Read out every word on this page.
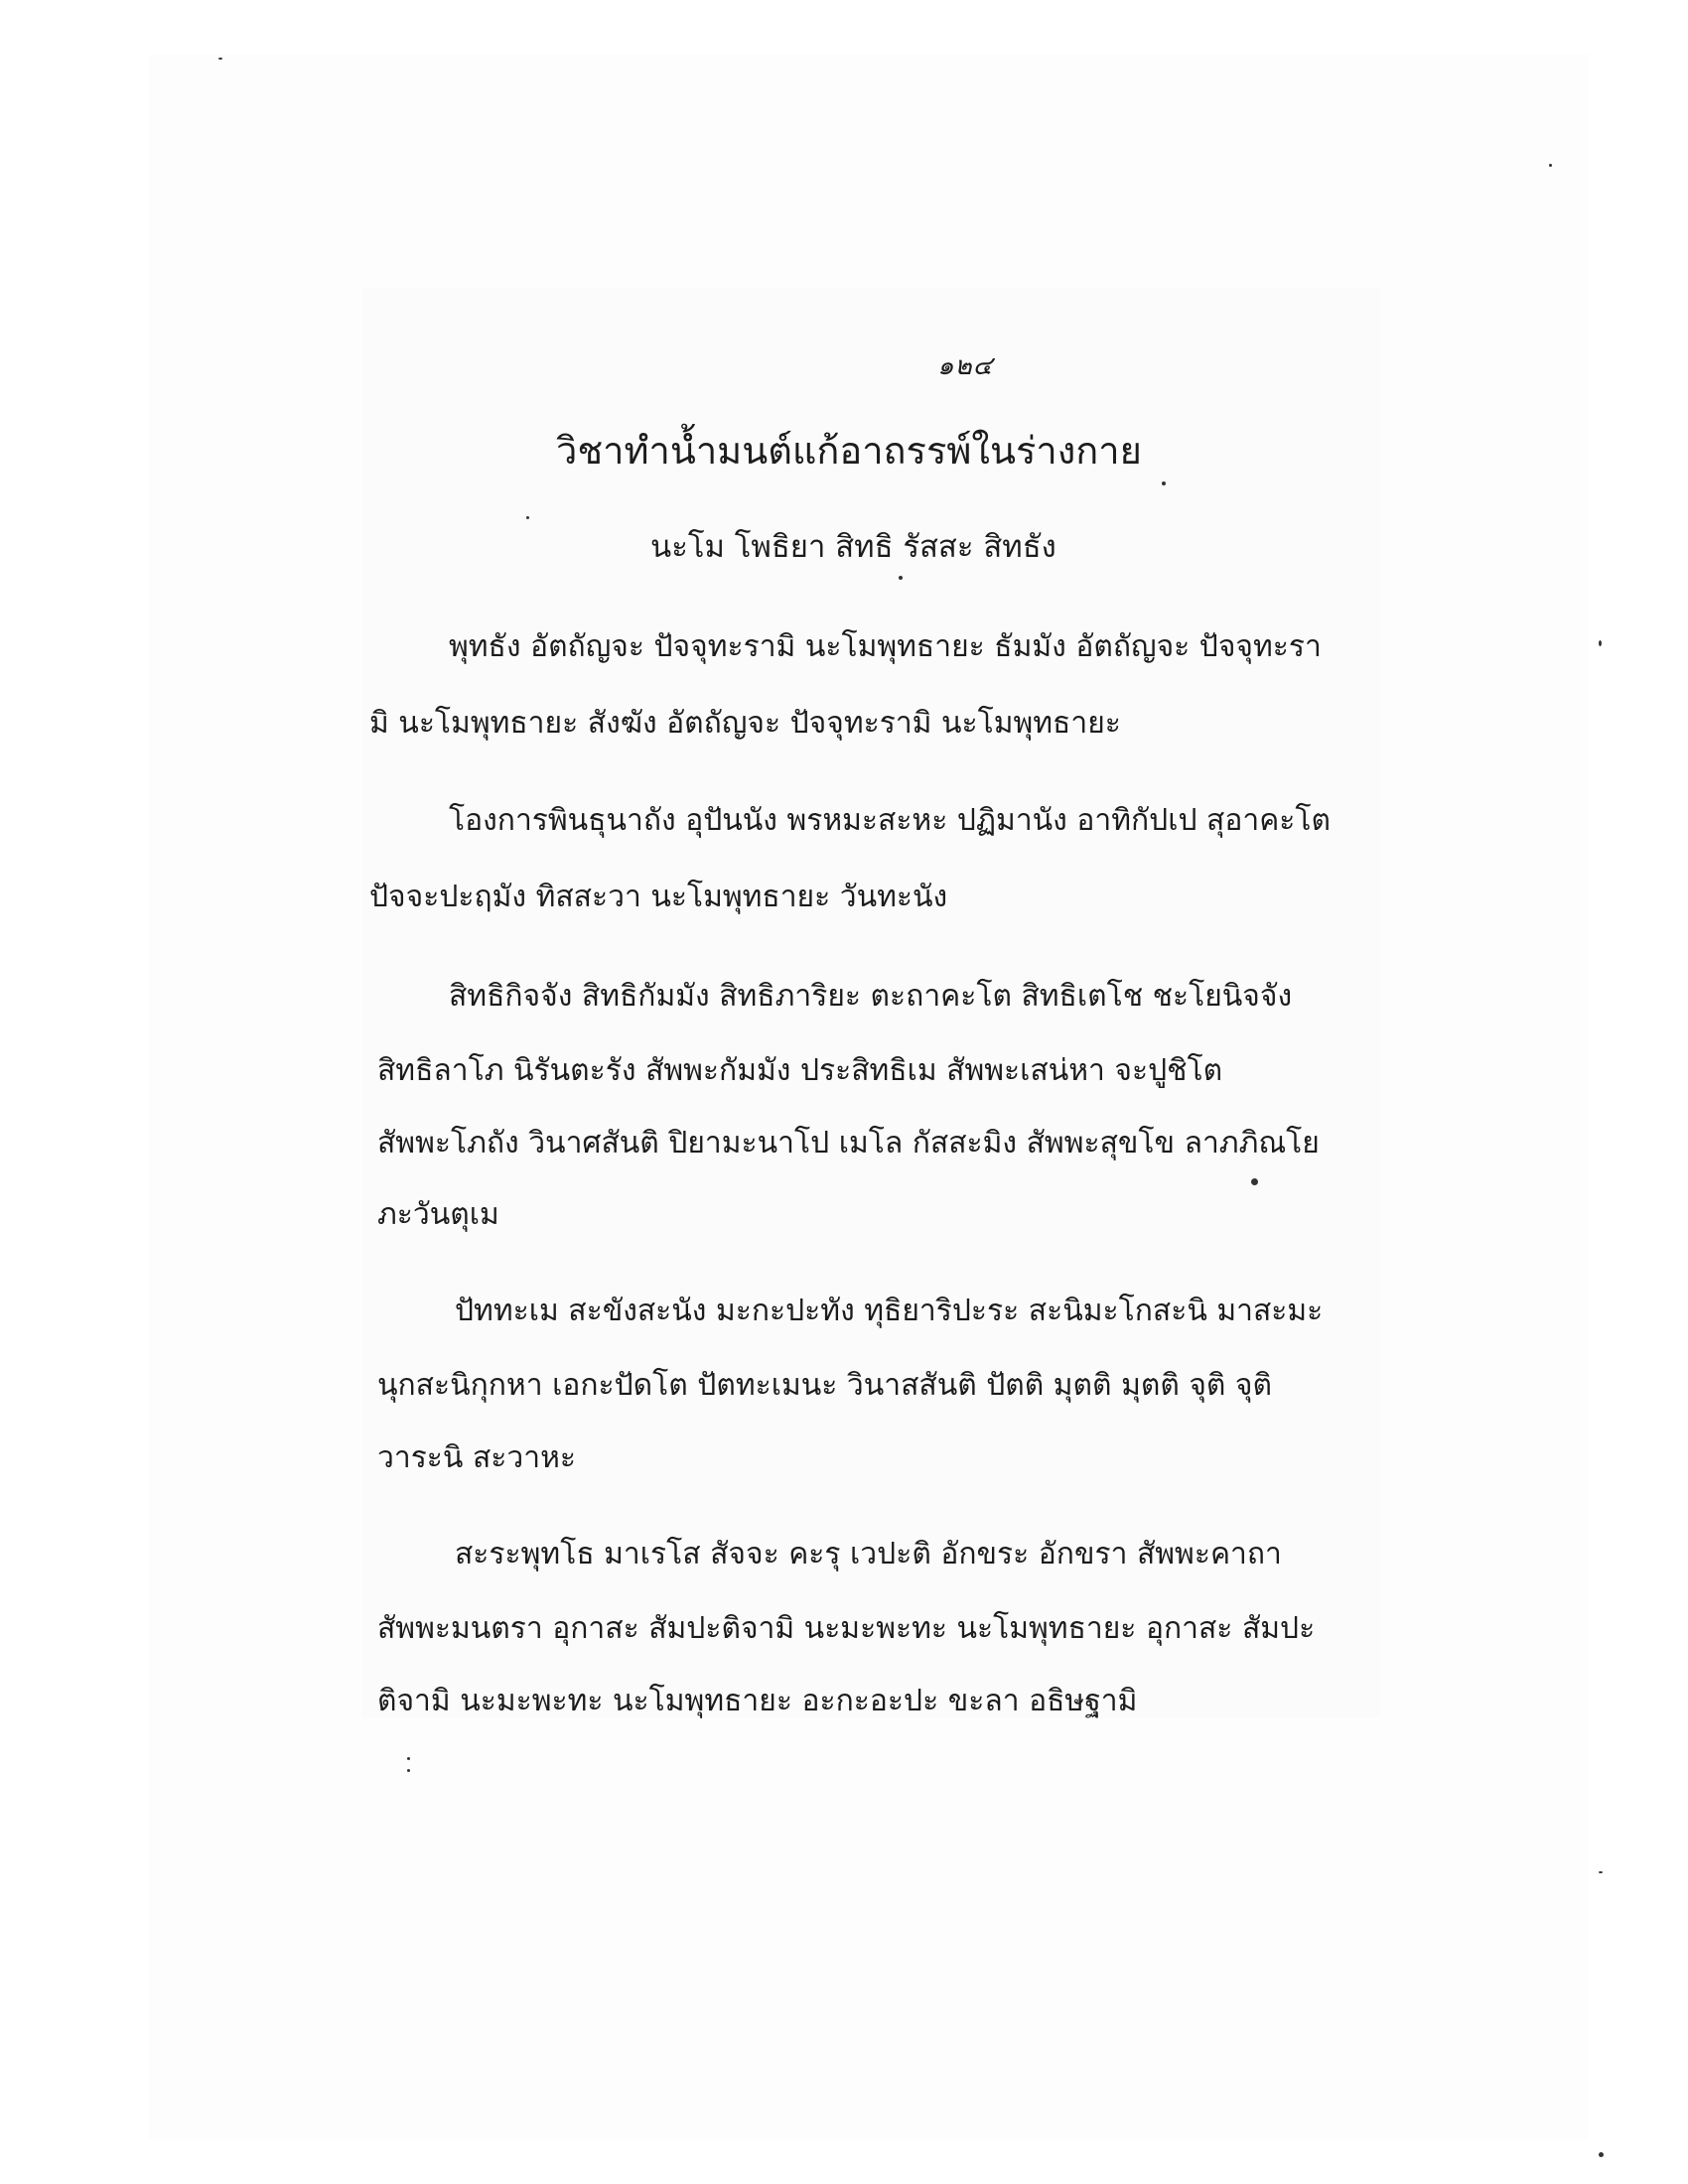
๑๒๔
วิชาทำน้ำมนต์แก้อาถรรพ์ในร่างกาย
นะโม โพธิยา สิทธิ รัสสะ สิทธัง
พุทธัง อัตถัญจะ ปัจจุทะรามิ นะโมพุทธายะ ธัมมัง อัตถัญจะ ปัจจุทะรา
มิ นะโมพุทธายะ สังฆัง อัตถัญจะ ปัจจุทะรามิ นะโมพุทธายะ
โองการพินธุนาถัง อุปันนัง พรหมะสะหะ ปฏิมานัง อาทิกัปเป สุอาคะโต
ปัจจะปะฤมัง ทิสสะวา นะโมพุทธายะ วันทะนัง
สิทธิกิจจัง สิทธิกัมมัง สิทธิภาริยะ ตะถาคะโต สิทธิเตโช ชะโยนิจจัง
สิทธิลาโภ นิรันตะรัง สัพพะกัมมัง ประสิทธิเม สัพพะเสน่หา จะปูชิโต
สัพพะโภถัง วินาศสันติ ปิยามะนาโป เมโล กัสสะมิง สัพพะสุขโข ลาภภิณโย
ภะวันตุเม
ปัททะเม สะขังสะนัง มะกะปะทัง ทุธิยาริปะระ สะนิมะโกสะนิ มาสะมะ
นุกสะนิกุกหา เอกะปัดโต ปัตทะเมนะ วินาสสันติ ปัตติ มุตติ มุตติ จุติ จุติ
วาระนิ สะวาหะ
สะระพุทโธ มาเรโส สัจจะ คะรุ เวปะติ อักขระ อักขรา สัพพะคาถา
สัพพะมนตรา อุกาสะ สัมปะติจามิ นะมะพะทะ นะโมพุทธายะ อุกาสะ สัมปะ
ติจามิ นะมะพะทะ นะโมพุทธายะ อะกะอะปะ ขะลา อธิษฐามิ
